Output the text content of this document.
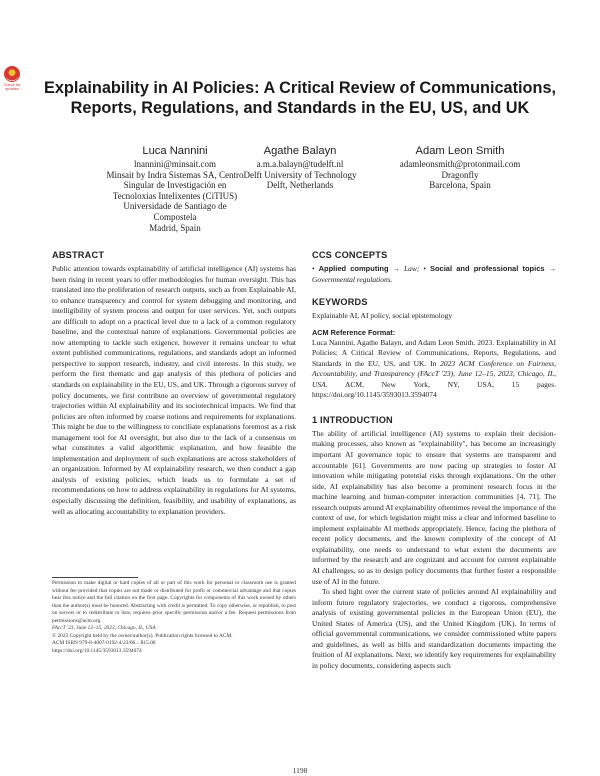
Check for updates Explainability in AI Policies: A Critical Review of Communications, Reports, Regulations, and Standards in the EU, US, and UK
Luca Nannini
lnannini@minsait.com
Minsait by Indra Sistemas SA, Centro Singular de Investigación en Tecnoloxías Intelixentes (CiTIUS) Universidade de Santiago de Compostela
Madrid, Spain
Agathe Balayn
a.m.a.balayn@tudelft.nl
Delft University of Technology
Delft, Netherlands
Adam Leon Smith
adamleonsmith@protonmail.com
Dragonfly
Barcelona, Spain
ABSTRACT

Public attention towards explainability of artificial intelligence (AI) systems has been rising in recent years to offer methodologies for human oversight. This has translated into the proliferation of research outputs, such as from Explainable AI, to enhance transparency and control for system debugging and monitoring, and intelligibility of system process and output for user services. Yet, such outputs are difficult to adopt on a practical level due to a lack of a common regulatory baseline, and the contextual nature of explanations. Governmental policies are now attempting to tackle such exigence, however it remains unclear to what extent published communications, regulations, and standards adopt an informed perspective to support research, industry, and civil interests. In this study, we perform the first thematic and gap analysis of this plethora of policies and standards on explainability in the EU, US, and UK. Through a rigorous survey of policy documents, we first contribute an overview of governmental regulatory trajectories within AI explainability and its sociotechnical impacts. We find that policies are often informed by coarse notions and requirements for explanations. This might be due to the willingness to conciliate explanations foremost as a risk management tool for AI oversight, but also due to the lack of a consensus on what constitutes a valid algorithmic explanation, and how feasible the implementation and deployment of such explanations are across stakeholders of an organization. Informed by AI explainability research, we then conduct a gap analysis of existing policies, which leads us to formulate a set of recommendations on how to address explainability in regulations for AI systems, especially discussing the definition, feasibility, and usability of explanations, as well as allocating accountability to explanation providers.

Permission to make digital or hard copies of all or part of this work for personal or classroom use is granted without fee provided that copies are not made or distributed for profit or commercial advantage and that copies bear this notice and the full citation on the first page. Copyrights for components of this work owned by others than the author(s) must be honored. Abstracting with credit is permitted. To copy otherwise, or republish, to post on servers or to redistribute to lists, requires prior specific permission and/or a fee. Request permissions from permissions@acm.org.

FAccT '23, June 12–15, 2023, Chicago, IL, USA

© 2023 Copyright held by the owner/author(s). Publication rights licensed to ACM.

ACM ISBN 979-8-4007-0192-4/23/06... $15.00

https://doi.org/10.1145/3593013.3594074

CCS CONCEPTS

• Applied computing → Law; • Social and professional topics → Governmental regulations.

KEYWORDS

Explainable AI, AI policy, social epistemology

ACM Reference Format:

Luca Nannini, Agathe Balayn, and Adam Leon Smith. 2023. Explainability in AI Policies: A Critical Review of Communications, Reports, Regulations, and Standards in the EU, US, and UK. In 2023 ACM Conference on Fairness, Accountability, and Transparency (FAccT '23), June 12–15, 2023, Chicago, IL, USA. ACM, New York, NY, USA, 15 pages. https://doi.org/10.1145/3593013.3594074

1 INTRODUCTION

The ability of artificial intelligence (AI) systems to explain their decision-making processes, also known as "explainability", has become an increasingly important AI governance topic to ensure that systems are transparent and accountable [61]. Governments are now pacing up strategies to foster AI innovation while mitigating potential risks through explanations. On the other side, AI explainability has also become a prominent research focus in the machine learning and human-computer interaction communities [4, 71]. The research outputs around AI explainability oftentimes reveal the importance of the context of use, for which legislation might miss a clear and informed baseline to implement explainable AI methods appropriately. Hence, facing the plethora of recent policy documents, and the known complexity of the concept of AI explainability, one needs to understand to what extent the documents are informed by the research and are cognizant and account for current explainable AI challenges, so as to design policy documents that further foster a responsible use of AI in the future.

To shed light over the current state of policies around AI explainability and inform future regulatory trajectories, we conduct a rigorous, comprehensive analysis of existing governmental policies in the European Union (EU), the United States of America (US), and the United Kingdom (UK). In terms of official governmental communications, we consider commissioned white papers and guidelines, as well as bills and standardization documents impacting the fruition of AI explanations. Next, we identify key requirements for explainability in policy documents, considering aspects such

1198
